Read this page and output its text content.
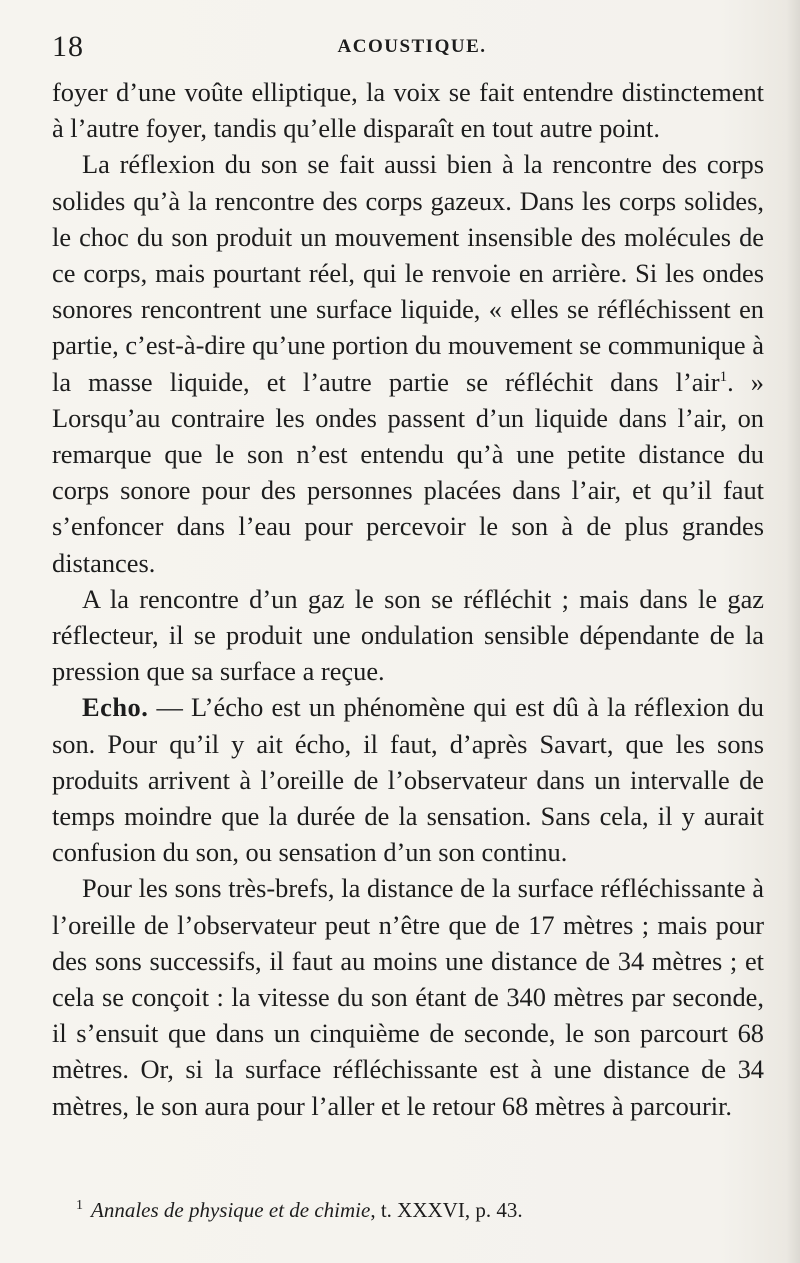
18	ACOUSTIQUE.

foyer d’une voûte elliptique, la voix se fait entendre distinctement à l’autre foyer, tandis qu’elle disparaît en tout autre point.

La réflexion du son se fait aussi bien à la rencontre des corps solides qu’à la rencontre des corps gazeux. Dans les corps solides, le choc du son produit un mouvement insensible des molécules de ce corps, mais pourtant réel, qui le renvoie en arrière. Si les ondes sonores rencontrent une surface liquide, « elles se réfléchissent en partie, c’est-à-dire qu’une portion du mouvement se communique à la masse liquide, et l’autre partie se réfléchit dans l’air$^1$. » Lorsqu’au contraire les ondes passent d’un liquide dans l’air, on remarque que le son n’est entendu qu’à une petite distance du corps sonore pour des personnes placées dans l’air, et qu’il faut s’enfoncer dans l’eau pour percevoir le son à de plus grandes distances.

A la rencontre d’un gaz le son se réfléchit ; mais dans le gaz réflecteur, il se produit une ondulation sensible dépendante de la pression que sa surface a reçue.

Echo. — L’écho est un phénomène qui est dû à la réflexion du son. Pour qu’il y ait écho, il faut, d’après Savart, que les sons produits arrivent à l’oreille de l’observateur dans un intervalle de temps moindre que la durée de la sensation. Sans cela, il y aurait confusion du son, ou sensation d’un son continu.

Pour les sons très-brefs, la distance de la surface réfléchissante à l’oreille de l’observateur peut n’être que de 17 mètres ; mais pour des sons successifs, il faut au moins une distance de 34 mètres ; et cela se conçoit : la vitesse du son étant de 340 mètres par seconde, il s’ensuit que dans un cinquième de seconde, le son parcourt 68 mètres. Or, si la surface réfléchissante est à une distance de 34 mètres, le son aura pour l’aller et le retour 68 mètres à parcourir.

$^1$ Annales de physique et de chimie, t. XXXVI, p. 43.
